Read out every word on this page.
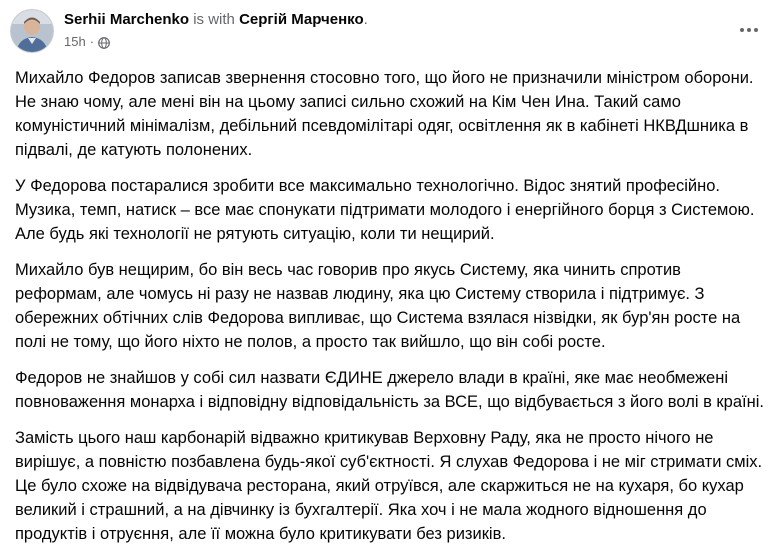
Serhii Marchenko is with Сергій Марченко.
15h ·

Михайло Федоров записав звернення стосовно того, що його не призначили міністром оборони. Не знаю чому, але мені він на цьому записі сильно схожий на Кім Чен Ина. Такий само комуністичний мінімалізм, дебільний псевдомілітарі одяг, освітлення як в кабінеті НКВДшника в підвалі, де катують полонених.

У Федорова постаралися зробити все максимально технологічно. Відос знятий професійно. Музика, темп, натиск – все має спонукати підтримати молодого і енергійного борця з Системою. Але будь які технології не рятують ситуацію, коли ти нещирий.

Михайло був нещирим, бо він весь час говорив про якусь Систему, яка чинить спротив реформам, але чомусь ні разу не назвав людину, яка цю Систему створила і підтримує. З обережних обтічних слів Федорова випливає, що Система взялася нізвідки, як бур'ян росте на полі не тому, що його ніхто не полов, а просто так вийшло, що він собі росте.

Федоров не знайшов у собі сил назвати ЄДИНЕ джерело влади в країні, яке має необмежені повноваження монарха і відповідну відповідальність за ВСЕ, що відбувається з його волі в країні.

Замість цього наш карбонарій відважно критикував Верховну Раду, яка не просто нічого не вирішує, а повністю позбавлена будь-якої суб'єктності. Я слухав Федорова і не міг стримати сміх. Це було схоже на відвідувача ресторана, який отруївся, але скаржиться не на кухаря, бо кухар великий і страшний, а на дівчинку із бухгалтерії. Яка хоч і не мала жодного відношення до продуктів і отруєння, але її можна було критикувати без ризиків.
